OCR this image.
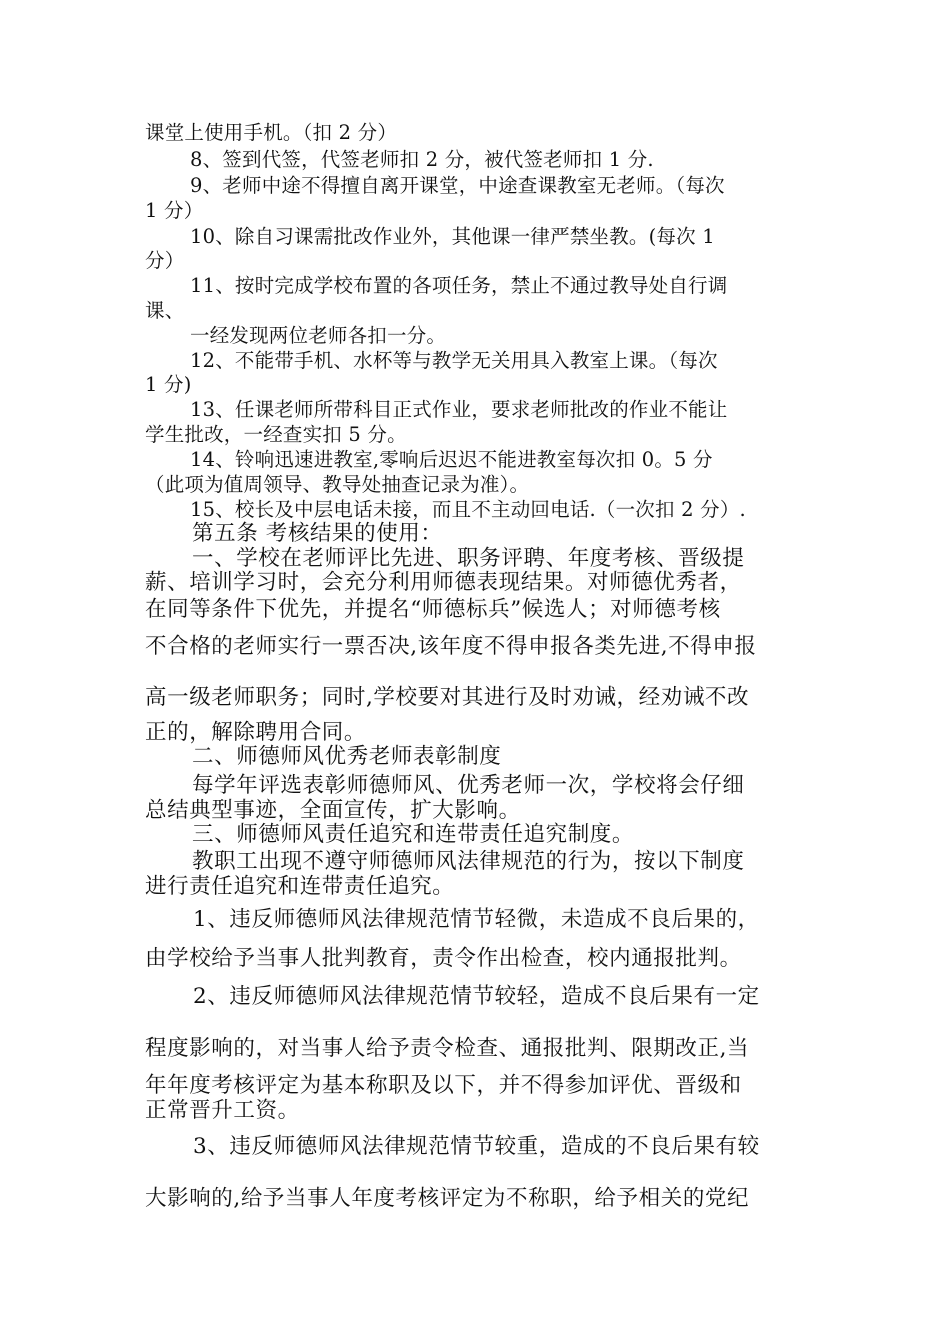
课堂上使用手机。（扣 2 分）
8、签到代签，代签老师扣 2 分，被代签老师扣 1 分.
9、老师中途不得擅自离开课堂，中途查课教室无老师。（每次
1 分）
10、除自习课需批改作业外，其他课一律严禁坐教。(每次 1
分）
11、按时完成学校布置的各项任务，禁止不通过教导处自行调
课、
一经发现两位老师各扣一分。
12、不能带手机、水杯等与教学无关用具入教室上课。（每次
1 分)
13、任课老师所带科目正式作业，要求老师批改的作业不能让
学生批改，一经查实扣 5 分。
14、铃响迅速进教室,零响后迟迟不能进教室每次扣 0。5 分
（此项为值周领导、教导处抽查记录为准）。
15、校长及中层电话未接，而且不主动回电话.（一次扣 2 分）.
第五条 考核结果的使用：
一、学校在老师评比先进、职务评聘、年度考核、晋级提
薪、培训学习时，会充分利用师德表现结果。对师德优秀者，
在同等条件下优先，并提名“师德标兵”候选人；对师德考核
不合格的老师实行一票否决,该年度不得申报各类先进,不得申报
高一级老师职务；同时,学校要对其进行及时劝诫，经劝诫不改
正的，解除聘用合同。
二、师德师风优秀老师表彰制度
每学年评选表彰师德师风、优秀老师一次，学校将会仔细
总结典型事迹，全面宣传，扩大影响。
三、师德师风责任追究和连带责任追究制度。
教职工出现不遵守师德师风法律规范的行为，按以下制度
进行责任追究和连带责任追究。
1、违反师德师风法律规范情节轻微，未造成不良后果的，
由学校给予当事人批判教育，责令作出检查，校内通报批判。
2、违反师德师风法律规范情节较轻，造成不良后果有一定
程度影响的，对当事人给予责令检查、通报批判、限期改正,当
年年度考核评定为基本称职及以下，并不得参加评优、晋级和
正常晋升工资。
3、违反师德师风法律规范情节较重，造成的不良后果有较
大影响的,给予当事人年度考核评定为不称职，给予相关的党纪
